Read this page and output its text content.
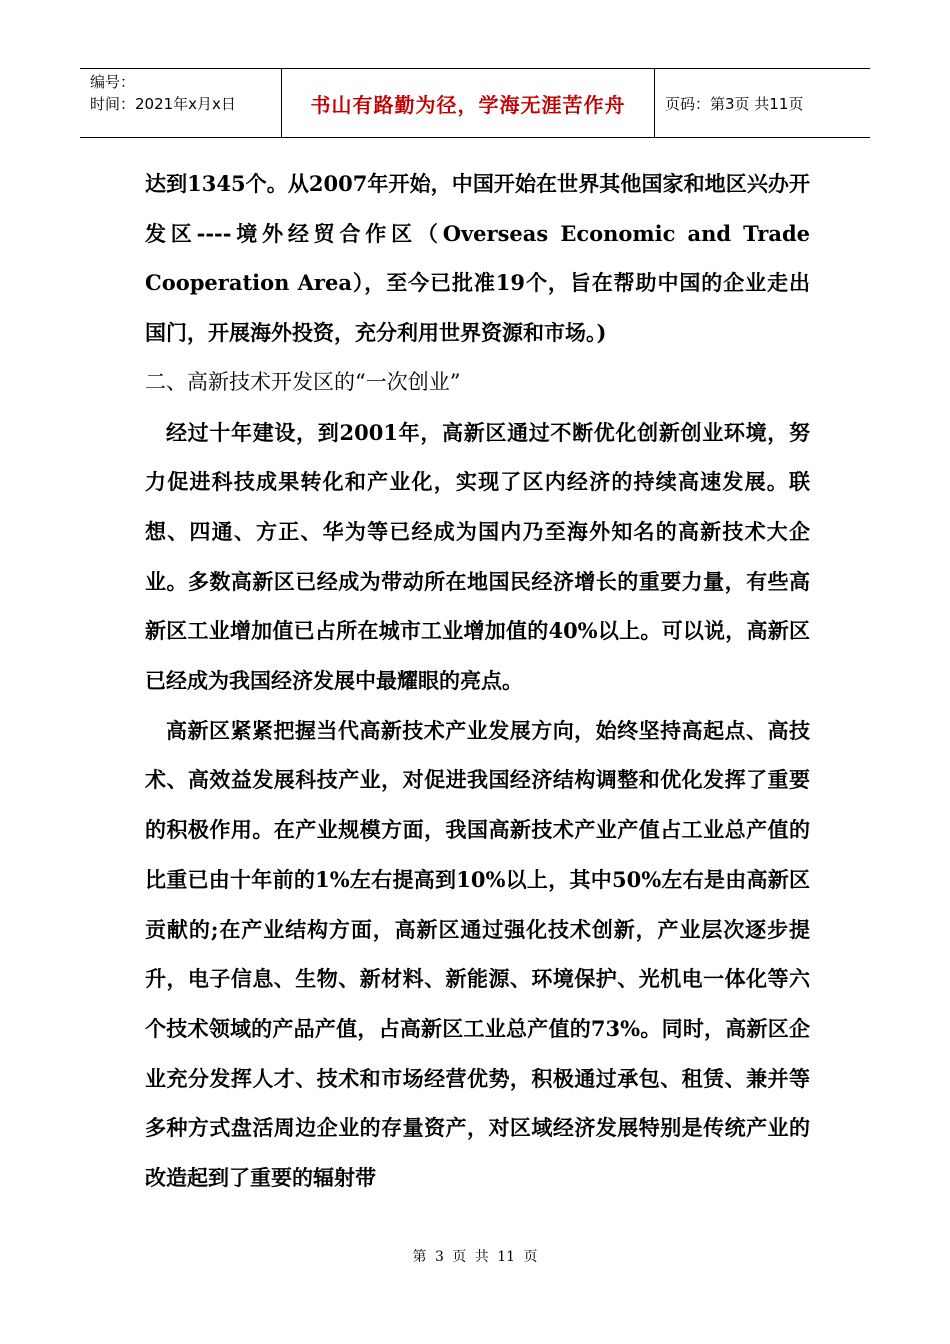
编号：
时间：2021年x月x日	书山有路勤为径，学海无涯苦作舟	页码：第3页 共11页

达到1345个。从2007年开始，中国开始在世界其他国家和地区兴办开发区----境外经贸合作区（Overseas Economic and Trade Cooperation Area），至今已批准19个，旨在帮助中国的企业走出国门，开展海外投资，充分利用世界资源和市场。)

二、高新技术开发区的“一次创业”

经过十年建设，到2001年，高新区通过不断优化创新创业环境，努力促进科技成果转化和产业化，实现了区内经济的持续高速发展。联想、四通、方正、华为等已经成为国内乃至海外知名的高新技术大企业。多数高新区已经成为带动所在地国民经济增长的重要力量，有些高新区工业增加值已占所在城市工业增加值的40%以上。可以说，高新区已经成为我国经济发展中最耀眼的亮点。

高新区紧紧把握当代高新技术产业发展方向，始终坚持高起点、高技术、高效益发展科技产业，对促进我国经济结构调整和优化发挥了重要的积极作用。在产业规模方面，我国高新技术产业产值占工业总产值的比重已由十年前的1%左右提高到10%以上，其中50%左右是由高新区贡献的;在产业结构方面，高新区通过强化技术创新，产业层次逐步提升，电子信息、生物、新材料、新能源、环境保护、光机电一体化等六个技术领域的产品产值，占高新区工业总产值的73%。同时，高新区企业充分发挥人才、技术和市场经营优势，积极通过承包、租赁、兼并等多种方式盘活周边企业的存量资产，对区域经济发展特别是传统产业的改造起到了重要的辐射带

第 3 页 共 11 页
